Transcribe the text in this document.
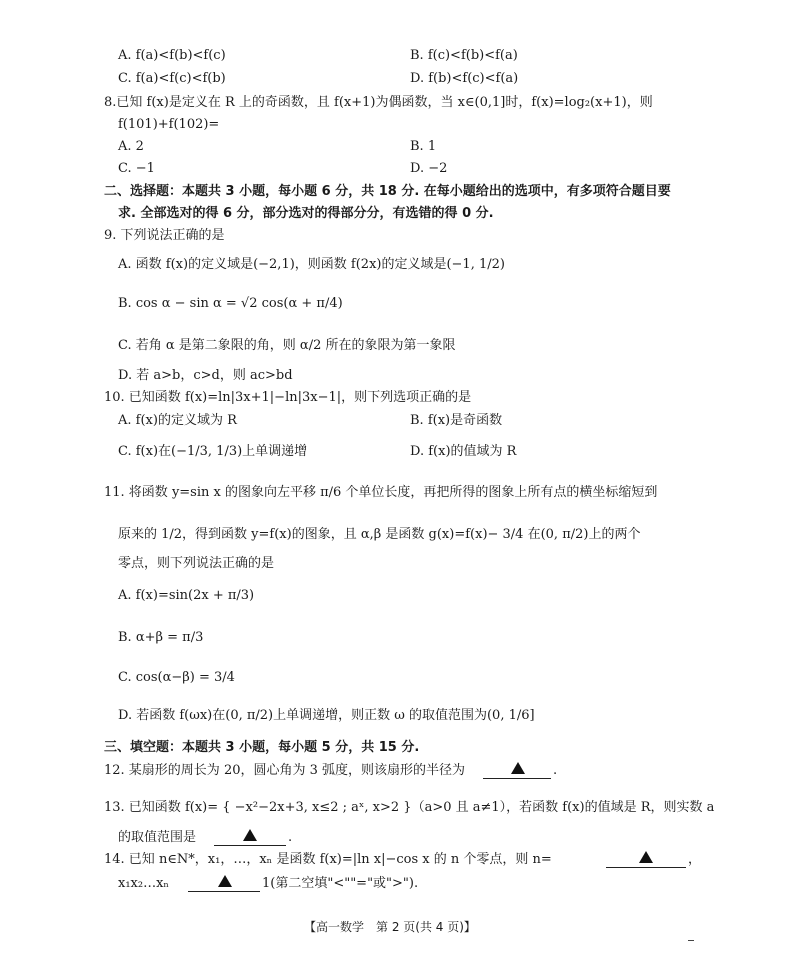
A. f(a)<f(b)<f(c)	B. f(c)<f(b)<f(a)
C. f(a)<f(c)<f(b)	D. f(b)<f(c)<f(a)
8.已知 f(x)是定义在 R 上的奇函数，且 f(x+1)为偶函数，当 x∈(0,1]时，f(x)=log₂(x+1)，则
f(101)+f(102)=
A. 2	B. 1
C. −1	D. −2
二、选择题：本题共 3 小题，每小题 6 分，共 18 分. 在每小题给出的选项中，有多项符合题目要
求. 全部选对的得 6 分，部分选对的得部分分，有选错的得 0 分.
9. 下列说法正确的是
A. 函数 f(x)的定义域是(−2,1)，则函数 f(2x)的定义域是(−1, 1/2)
B. cos α − sin α = √2 cos(α + π/4)
C. 若角 α 是第二象限的角，则 α/2 所在的象限为第一象限
D. 若 a>b，c>d，则 ac>bd
10. 已知函数 f(x)=ln|3x+1|−ln|3x−1|，则下列选项正确的是
A. f(x)的定义域为 R	B. f(x)是奇函数
C. f(x)在(−1/3, 1/3)上单调递增	D. f(x)的值域为 R
11. 将函数 y=sin x 的图象向左平移 π/6 个单位长度，再把所得的图象上所有点的横坐标缩短到
原来的 1/2，得到函数 y=f(x)的图象，且 α,β 是函数 g(x)=f(x)− 3/4 在(0, π/2)上的两个
零点，则下列说法正确的是
A. f(x)=sin(2x + π/3)
B. α+β = π/3
C. cos(α−β) = 3/4
D. 若函数 f(ωx)在(0, π/2)上单调递增，则正数 ω 的取值范围为(0, 1/6]
三、填空题：本题共 3 小题，每小题 5 分，共 15 分.
12. 某扇形的周长为 20，圆心角为 3 弧度，则该扇形的半径为	.
13. 已知函数 f(x)= { −x²−2x+3, x≤2 ; aˣ, x>2 }（a>0 且 a≠1），若函数 f(x)的值域是 R，则实数 a
的取值范围是	.
14. 已知 n∈N*，x₁，…，xₙ 是函数 f(x)=|ln x|−cos x 的 n 个零点，则 n=	，
x₁x₂…xₙ	1(第二空填"<""="或">").
【高一数学　第 2 页(共 4 页)】
